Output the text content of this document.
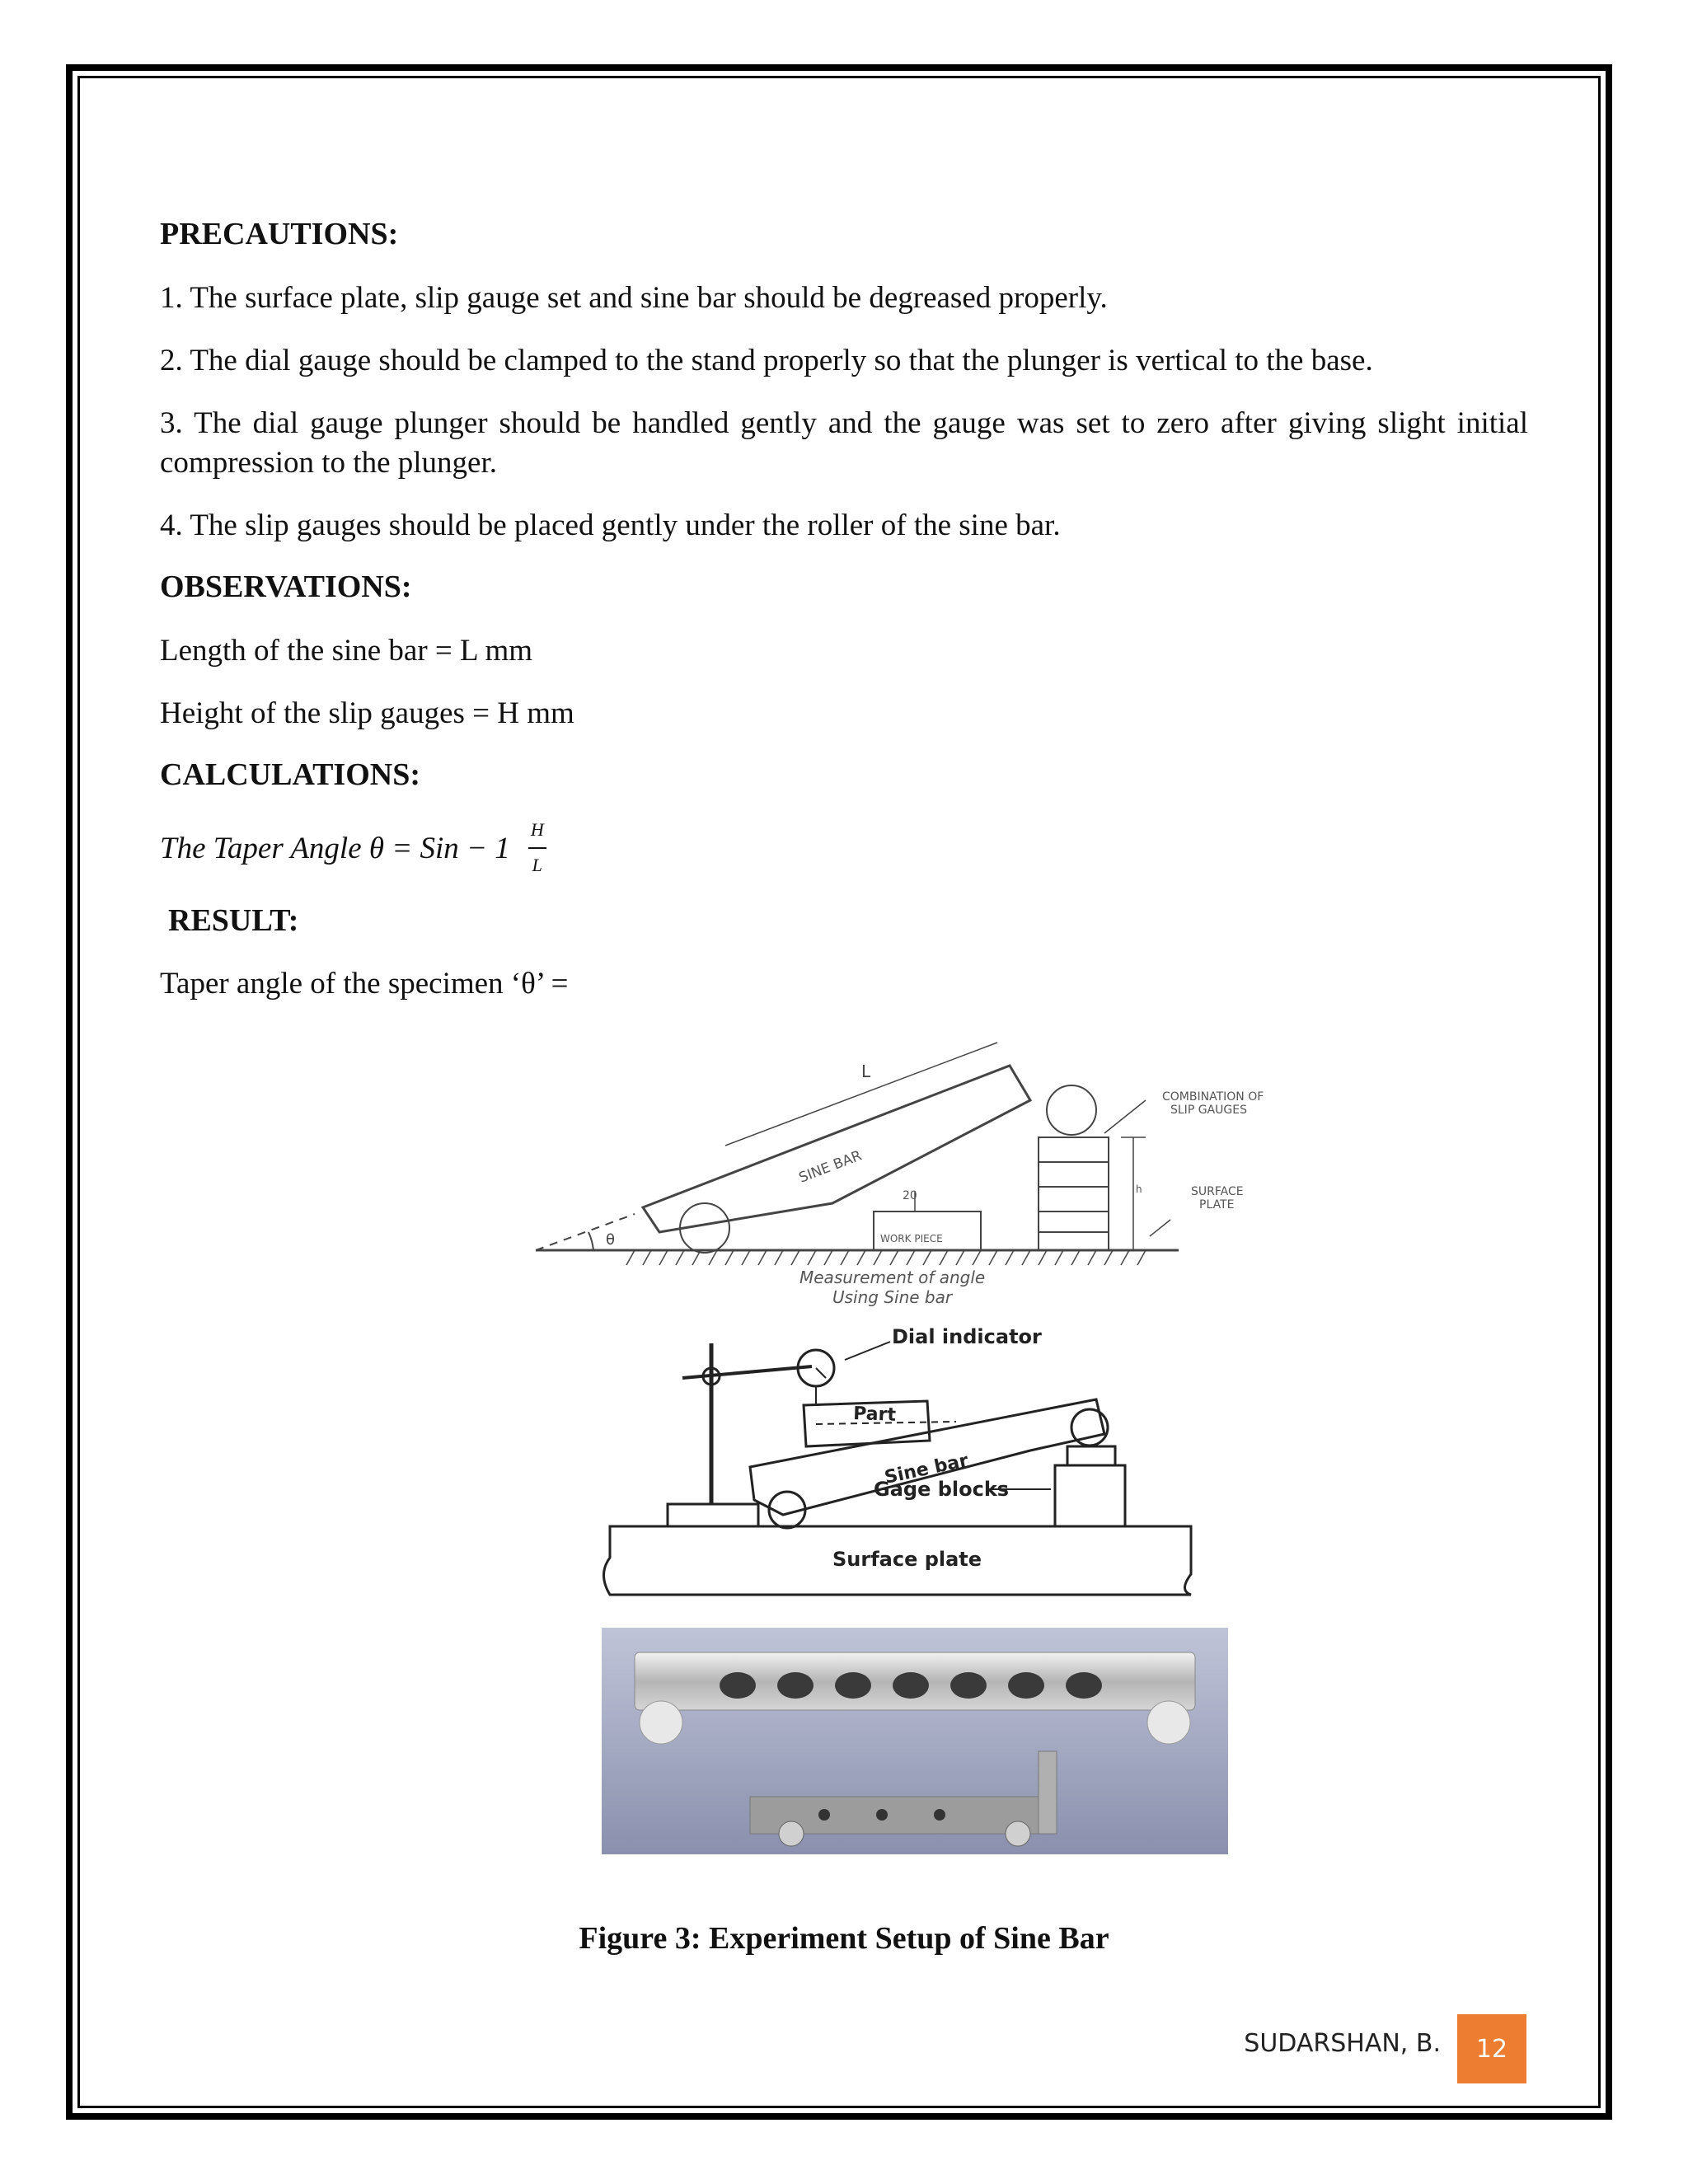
PRECAUTIONS:

1. The surface plate, slip gauge set and sine bar should be degreased properly.

2. The dial gauge should be clamped to the stand properly so that the plunger is vertical to the base.

3. The dial gauge plunger should be handled gently and the gauge was set to zero after giving slight initial compression to the plunger.

4. The slip gauges should be placed gently under the roller of the sine bar.

OBSERVATIONS:

Length of the sine bar = L mm

Height of the slip gauges = H mm

CALCULATIONS:
The Taper Angle θ = Sin − $1 \frac{H}{L}$
RESULT:

Taper angle of the specimen ‘θ’ =

L
COMBINATION OF
SLIP GAUGES
SURFACE
PLATE
WORK PIECE
θ
h
20
SINE BAR
Measurement of angle
Using Sine bar
Dial indicator
Part
Sine bar
Gage blocks
Surface plate
Figure 3: Experiment Setup of Sine Bar
SUDARSHAN, B.	12
